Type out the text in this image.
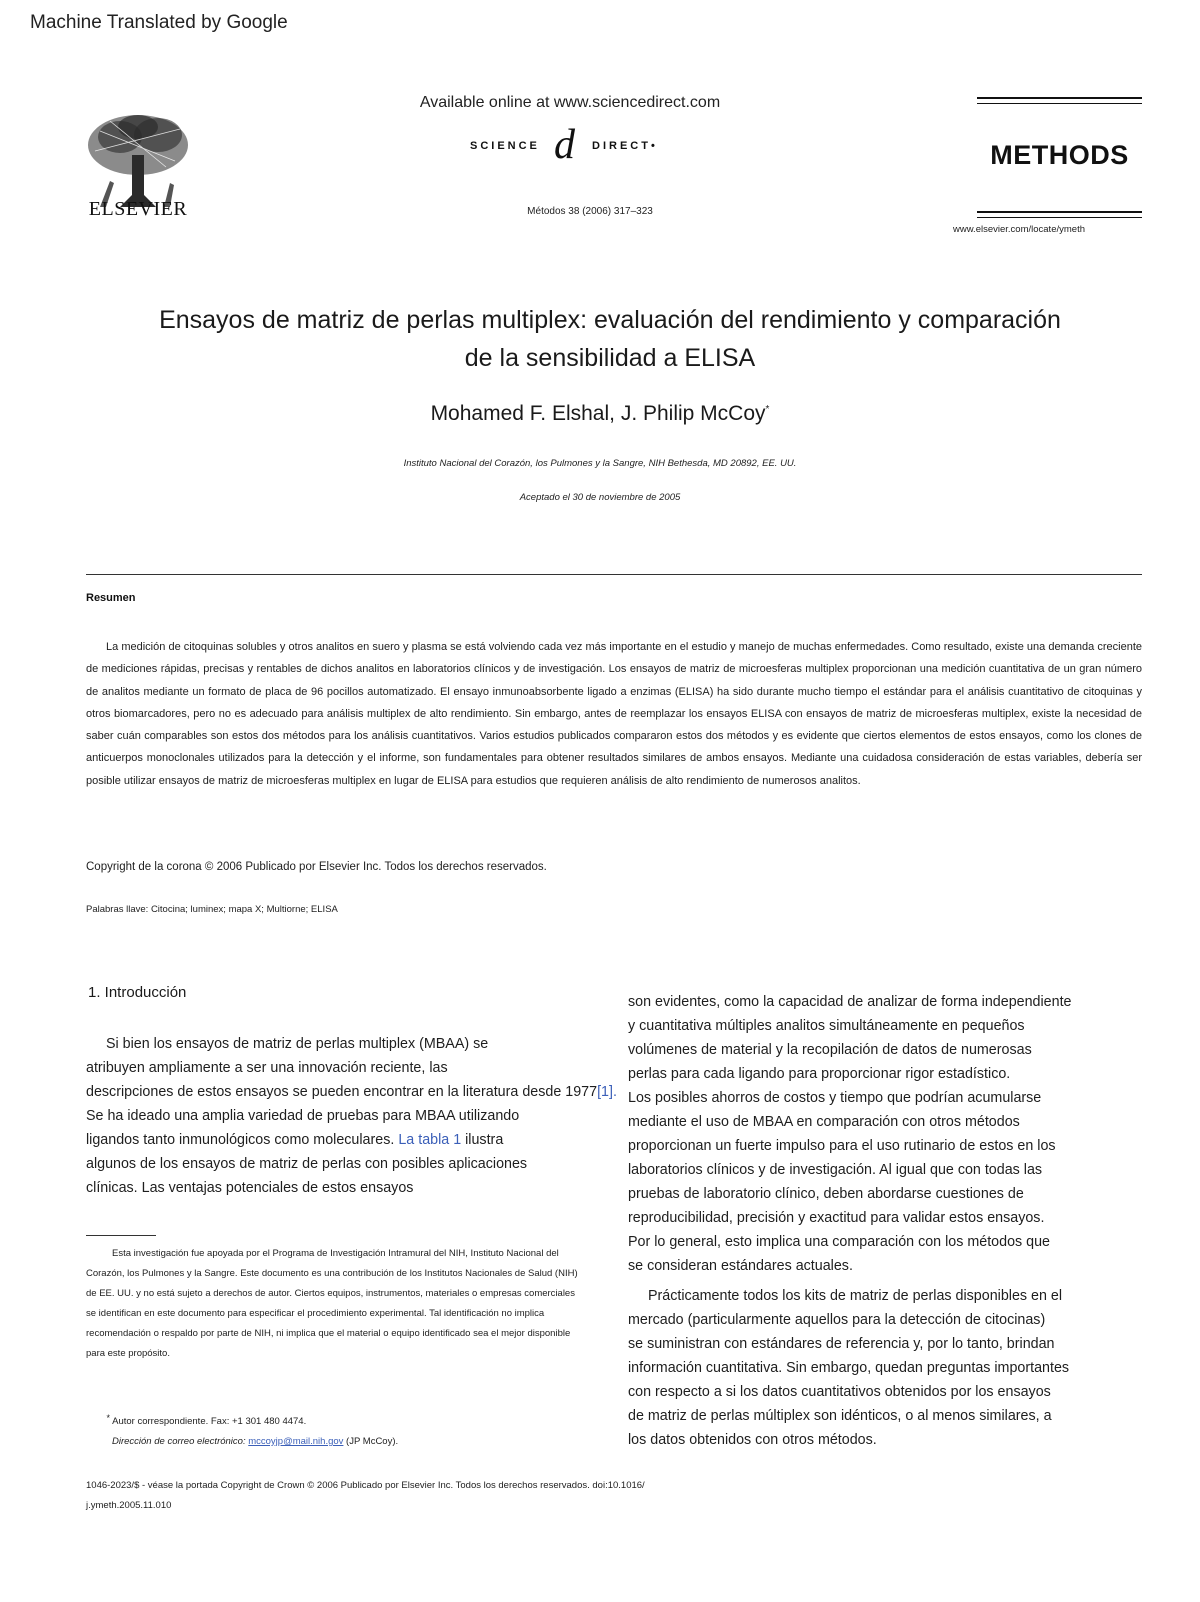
Machine Translated by Google
ELSEVIER
Available online at www.sciencedirect.com
SCIENCE d DIRECT•
Métodos 38 (2006) 317–323
METHODS
www.elsevier.com/locate/ymeth
Ensayos de matriz de perlas multiplex: evaluación del rendimiento y comparación
de la sensibilidad a ELISA
Mohamed F. Elshal, J. Philip McCoy*
Instituto Nacional del Corazón, los Pulmones y la Sangre, NIH Bethesda, MD 20892, EE. UU.
Aceptado el 30 de noviembre de 2005
Resumen
La medición de citoquinas solubles y otros analitos en suero y plasma se está volviendo cada vez más importante en el estudio y manejo de muchas enfermedades. Como resultado, existe una demanda creciente de mediciones rápidas, precisas y rentables de dichos analitos en laboratorios clínicos y de investigación. Los ensayos de matriz de microesferas multiplex proporcionan una medición cuantitativa de un gran número de analitos mediante un formato de placa de 96 pocillos automatizado. El ensayo inmunoabsorbente ligado a enzimas (ELISA) ha sido durante mucho tiempo el estándar para el análisis cuantitativo de citoquinas y otros biomarcadores, pero no es adecuado para análisis multiplex de alto rendimiento. Sin embargo, antes de reemplazar los ensayos ELISA con ensayos de matriz de microesferas multiplex, existe la necesidad de saber cuán comparables son estos dos métodos para los análisis cuantitativos. Varios estudios publicados compararon estos dos métodos y es evidente que ciertos elementos de estos ensayos, como los clones de anticuerpos monoclonales utilizados para la detección y el informe, son fundamentales para obtener resultados similares de ambos ensayos. Mediante una cuidadosa consideración de estas variables, debería ser posible utilizar ensayos de matriz de microesferas multiplex en lugar de ELISA para estudios que requieren análisis de alto rendimiento de numerosos analitos.
Copyright de la corona © 2006 Publicado por Elsevier Inc. Todos los derechos reservados.
Palabras llave: Citocina; luminex; mapa X; Multiorne; ELISA
1. Introducción

Si bien los ensayos de matriz de perlas multiplex (MBAA) se

atribuyen ampliamente a ser una innovación reciente, las

descripciones de estos ensayos se pueden encontrar en la literatura desde 1977[1].

Se ha ideado una amplia variedad de pruebas para MBAA utilizando

ligandos tanto inmunológicos como moleculares. La tabla 1 ilustra

algunos de los ensayos de matriz de perlas con posibles aplicaciones

clínicas. Las ventajas potenciales de estos ensayos

son evidentes, como la capacidad de analizar de forma independiente

y cuantitativa múltiples analitos simultáneamente en pequeños

volúmenes de material y la recopilación de datos de numerosas

perlas para cada ligando para proporcionar rigor estadístico.

Los posibles ahorros de costos y tiempo que podrían acumularse

mediante el uso de MBAA en comparación con otros métodos

proporcionan un fuerte impulso para el uso rutinario de estos en los

laboratorios clínicos y de investigación. Al igual que con todas las

pruebas de laboratorio clínico, deben abordarse cuestiones de

reproducibilidad, precisión y exactitud para validar estos ensayos.

Por lo general, esto implica una comparación con los métodos que

se consideran estándares actuales.

Prácticamente todos los kits de matriz de perlas disponibles en el

mercado (particularmente aquellos para la detección de citocinas)

se suministran con estándares de referencia y, por lo tanto, brindan

información cuantitativa. Sin embargo, quedan preguntas importantes

con respecto a si los datos cuantitativos obtenidos por los ensayos

de matriz de perlas múltiplex son idénticos, o al menos similares, a

los datos obtenidos con otros métodos.

Esta investigación fue apoyada por el Programa de Investigación Intramural del NIH, Instituto Nacional del Corazón, los Pulmones y la Sangre. Este documento es una contribución de los Institutos Nacionales de Salud (NIH) de EE. UU. y no está sujeto a derechos de autor. Ciertos equipos, instrumentos, materiales o empresas comerciales se identifican en este documento para especificar el procedimiento experimental. Tal identificación no implica recomendación o respaldo por parte de NIH, ni implica que el material o equipo identificado sea el mejor disponible para este propósito.
* Autor correspondiente. Fax: +1 301 480 4474.
Dirección de correo electrónico: mccoyjp@mail.nih.gov (JP McCoy).
1046-2023/$ - véase la portada Copyright de Crown © 2006 Publicado por Elsevier Inc. Todos los derechos reservados. doi:10.1016/
j.ymeth.2005.11.010
